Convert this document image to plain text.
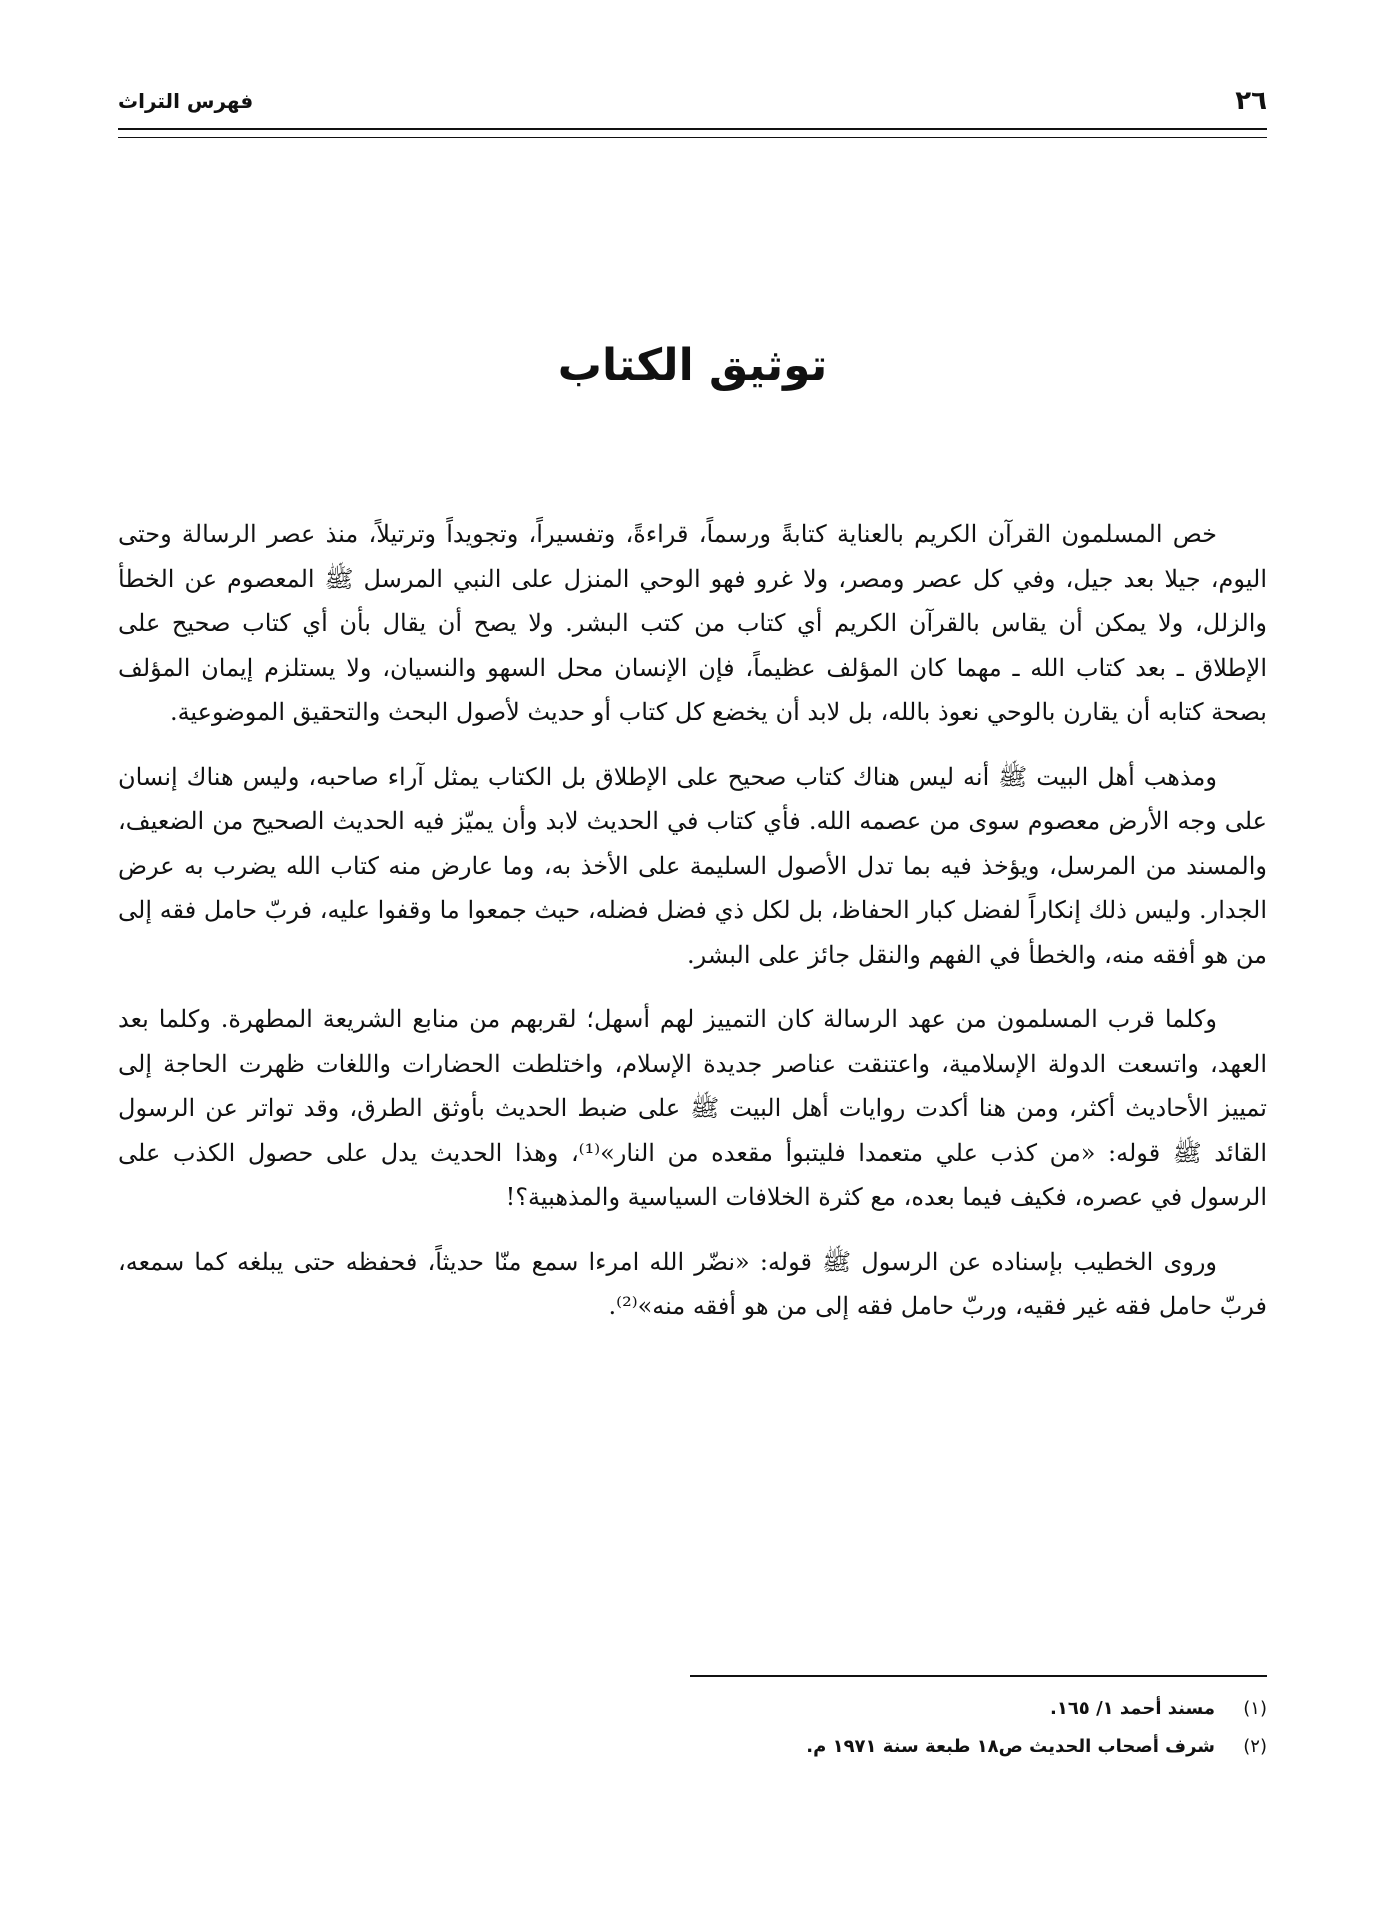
٢٦
فهرس التراث
توثيق الكتاب

خص المسلمون القرآن الكريم بالعناية كتابةً ورسماً، قراءةً، وتفسيراً، وتجويداً وترتيلاً، منذ عصر الرسالة وحتى اليوم، جيلا بعد جيل، وفي كل عصر ومصر، ولا غرو فهو الوحي المنزل على النبي المرسل ﷺ المعصوم عن الخطأ والزلل، ولا يمكن أن يقاس بالقرآن الكريم أي كتاب من كتب البشر. ولا يصح أن يقال بأن أي كتاب صحيح على الإطلاق ـ بعد كتاب الله ـ مهما كان المؤلف عظيماً، فإن الإنسان محل السهو والنسيان، ولا يستلزم إيمان المؤلف بصحة كتابه أن يقارن بالوحي نعوذ بالله، بل لابد أن يخضع كل كتاب أو حديث لأصول البحث والتحقيق الموضوعية.

ومذهب أهل البيت ﷺ أنه ليس هناك كتاب صحيح على الإطلاق بل الكتاب يمثل آراء صاحبه، وليس هناك إنسان على وجه الأرض معصوم سوى من عصمه الله. فأي كتاب في الحديث لابد وأن يميّز فيه الحديث الصحيح من الضعيف، والمسند من المرسل، ويؤخذ فيه بما تدل الأصول السليمة على الأخذ به، وما عارض منه كتاب الله يضرب به عرض الجدار. وليس ذلك إنكاراً لفضل كبار الحفاظ، بل لكل ذي فضل فضله، حيث جمعوا ما وقفوا عليه، فربّ حامل فقه إلى من هو أفقه منه، والخطأ في الفهم والنقل جائز على البشر.

وكلما قرب المسلمون من عهد الرسالة كان التمييز لهم أسهل؛ لقربهم من منابع الشريعة المطهرة. وكلما بعد العهد، واتسعت الدولة الإسلامية، واعتنقت عناصر جديدة الإسلام، واختلطت الحضارات واللغات ظهرت الحاجة إلى تمييز الأحاديث أكثر، ومن هنا أكدت روايات أهل البيت ﷺ على ضبط الحديث بأوثق الطرق، وقد تواتر عن الرسول القائد ﷺ قوله: «من كذب علي متعمدا فليتبوأ مقعده من النار»⁽¹⁾، وهذا الحديث يدل على حصول الكذب على الرسول في عصره، فكيف فيما بعده، مع كثرة الخلافات السياسية والمذهبية؟!

وروى الخطيب بإسناده عن الرسول ﷺ قوله: «نضّر الله امرءا سمع منّا حديثاً، فحفظه حتى يبلغه كما سمعه، فربّ حامل فقه غير فقيه، وربّ حامل فقه إلى من هو أفقه منه»⁽²⁾.

(١)
مسند أحمد ١/ ١٦٥.
(٢)
شرف أصحاب الحديث ص١٨ طبعة سنة ١٩٧١ م.
